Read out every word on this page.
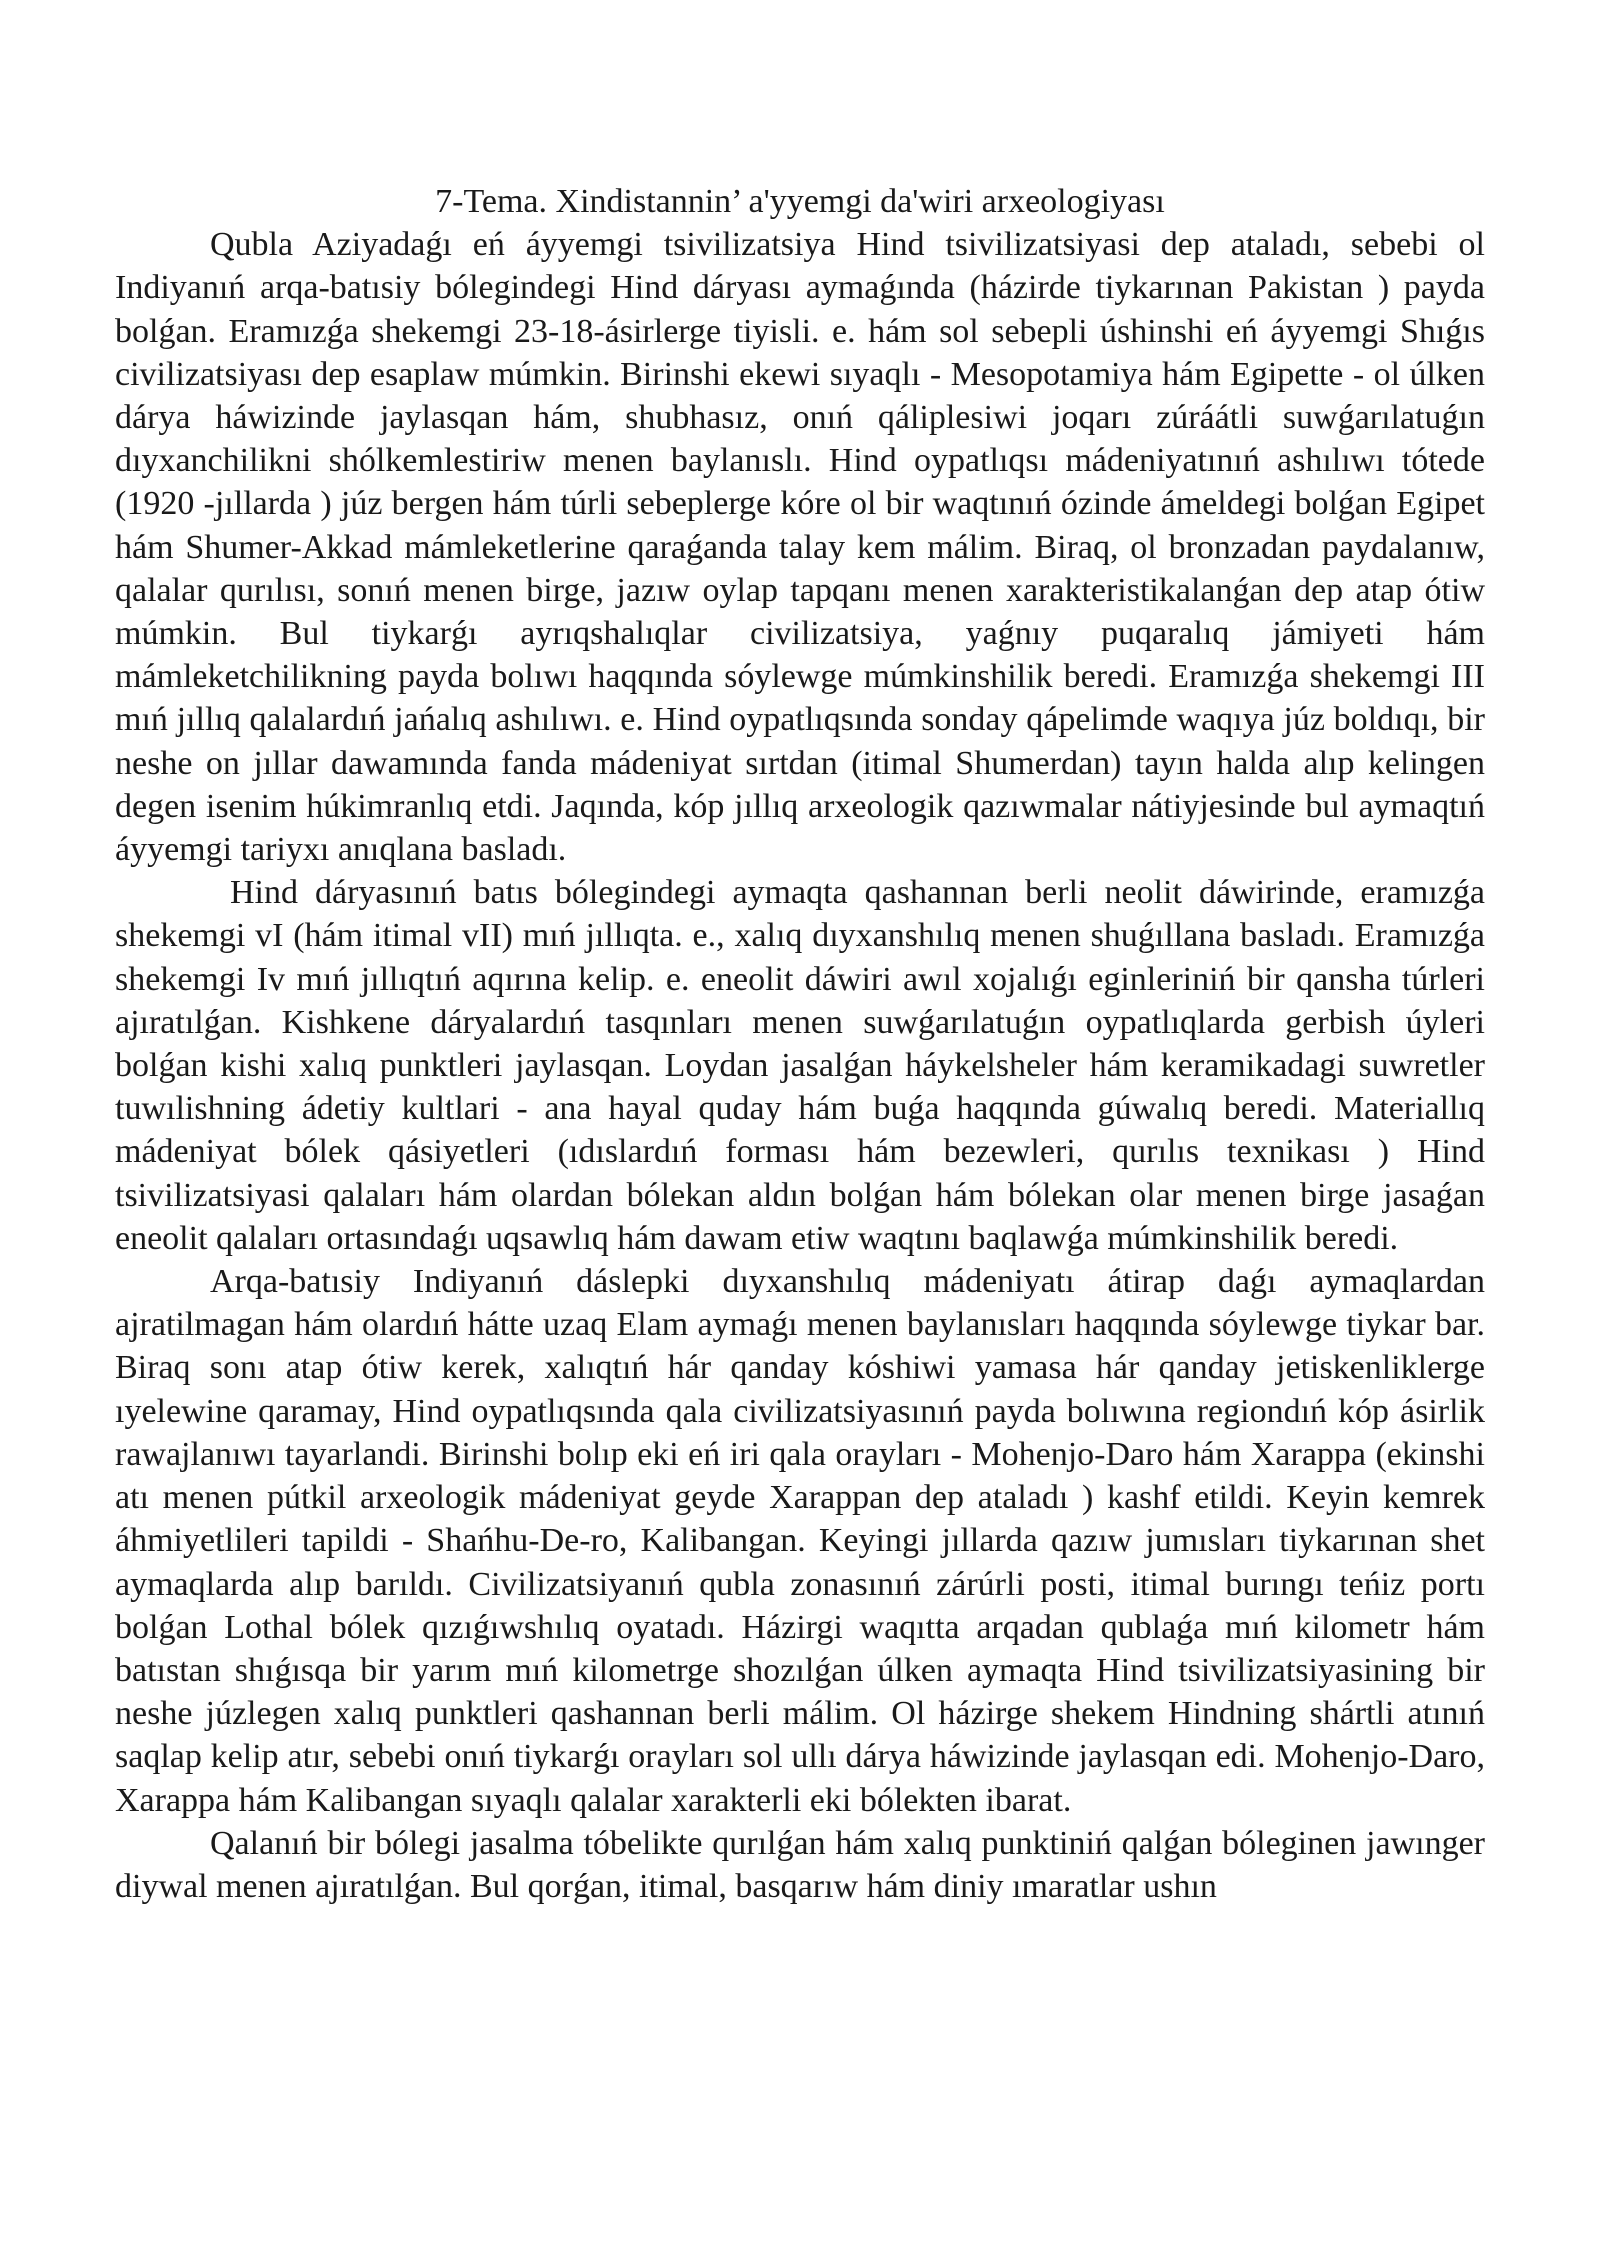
7-Tema. Xindistannin’ a'yyemgi da'wiri arxeologiyası

Qubla Aziyadaǵı eń áyyemgi tsivilizatsiya Hind tsivilizatsiyasi dep ataladı, sebebi ol Indiyanıń arqa-batısiy bólegindegi Hind dáryası aymaǵında (házirde tiykarınan Pakistan ) payda bolǵan. Eramızǵa shekemgi 23-18-ásirlerge tiyisli. e. hám sol sebepli úshinshi eń áyyemgi Shıǵıs civilizatsiyası dep esaplaw múmkin. Birinshi ekewi sıyaqlı - Mesopotamiya hám Egipette - ol úlken dárya háwizinde jaylasqan hám, shubhasız, onıń qáliplesiwi joqarı zúráátli suwǵarılatuǵın dıyxanchilikni shólkemlestiriw menen baylanıslı. Hind oypatlıqsı mádeniyatınıń ashılıwı tótede (1920 -jıllarda ) júz bergen hám túrli sebeplerge kóre ol bir waqtınıń ózinde ámeldegi bolǵan Egipet hám Shumer-Akkad mámleketlerine qaraǵanda talay kem málim. Biraq, ol bronzadan paydalanıw, qalalar qurılısı, sonıń menen birge, jazıw oylap tapqanı menen xarakteristikalanǵan dep atap ótiw múmkin. Bul tiykarǵı ayrıqshalıqlar civilizatsiya, yaǵnıy puqaralıq jámiyeti hám mámleketchilikning payda bolıwı haqqında sóylewge múmkinshilik beredi. Eramızǵa shekemgi III mıń jıllıq qalalardıń jańalıq ashılıwı. e. Hind oypatlıqsında sonday qápelimde waqıya júz boldıqı, bir neshe on jıllar dawamında fanda mádeniyat sırtdan (itimal Shumerdan) tayın halda alıp kelingen degen isenim húkimranlıq etdi. Jaqında, kóp jıllıq arxeologik qazıwmalar nátiyjesinde bul aymaqtıń áyyemgi tariyxı anıqlana basladı.

Hind dáryasınıń batıs bólegindegi aymaqta qashannan berli neolit dáwirinde, eramızǵa shekemgi vI (hám itimal vII) mıń jıllıqta. e., xalıq dıyxanshılıq menen shuǵıllana basladı. Eramızǵa shekemgi Iv mıń jıllıqtıń aqırına kelip. e. eneolit dáwiri awıl xojalıǵı eginleriniń bir qansha túrleri ajıratılǵan. Kishkene dáryalardıń tasqınları menen suwǵarılatuǵın oypatlıqlarda gerbish úyleri bolǵan kishi xalıq punktleri jaylasqan. Loydan jasalǵan háykelsheler hám keramikadagi suwretler tuwılishning ádetiy kultlari - ana hayal quday hám buǵa haqqında gúwalıq beredi. Materiallıq mádeniyat bólek qásiyetleri (ıdıslardıń forması hám bezewleri, qurılıs texnikası ) Hind tsivilizatsiyasi qalaları hám olardan bólekan aldın bolǵan hám bólekan olar menen birge jasaǵan eneolit qalaları ortasındaǵı uqsawlıq hám dawam etiw waqtını baqlawǵa múmkinshilik beredi.

Arqa-batısiy Indiyanıń dáslepki dıyxanshılıq mádeniyatı átirap daǵı aymaqlardan ajratilmagan hám olardıń hátte uzaq Elam aymaǵı menen baylanısları haqqında sóylewge tiykar bar. Biraq sonı atap ótiw kerek, xalıqtıń hár qanday kóshiwi yamasa hár qanday jetiskenliklerge ıyelewine qaramay, Hind oypatlıqsında qala civilizatsiyasınıń payda bolıwına regiondıń kóp ásirlik rawajlanıwı tayarlandi. Birinshi bolıp eki eń iri qala orayları - Mohenjo-Daro hám Xarappa (ekinshi atı menen pútkil arxeologik mádeniyat geyde Xarappan dep ataladı ) kashf etildi. Keyin kemrek áhmiyetlileri tapildi - Shańhu-De-ro, Kalibangan. Keyingi jıllarda qazıw jumısları tiykarınan shet aymaqlarda alıp barıldı. Civilizatsiyanıń qubla zonasınıń zárúrli posti, itimal burıngı teńiz portı bolǵan Lothal bólek qızıǵıwshılıq oyatadı. Házirgi waqıtta arqadan qublaǵa mıń kilometr hám batıstan shıǵısqa bir yarım mıń kilometrge shozılǵan úlken aymaqta Hind tsivilizatsiyasining bir neshe júzlegen xalıq punktleri qashannan berli málim. Ol házirge shekem Hindning shártli atınıń saqlap kelip atır, sebebi onıń tiykarǵı orayları sol ullı dárya háwizinde jaylasqan edi. Mohenjo-Daro, Xarappa hám Kalibangan sıyaqlı qalalar xarakterli eki bólekten ibarat.

Qalanıń bir bólegi jasalma tóbelikte qurılǵan hám xalıq punktiniń qalǵan bóleginen jawınger diywal menen ajıratılǵan. Bul qorǵan, itimal, basqarıw hám diniy ımaratlar ushın
